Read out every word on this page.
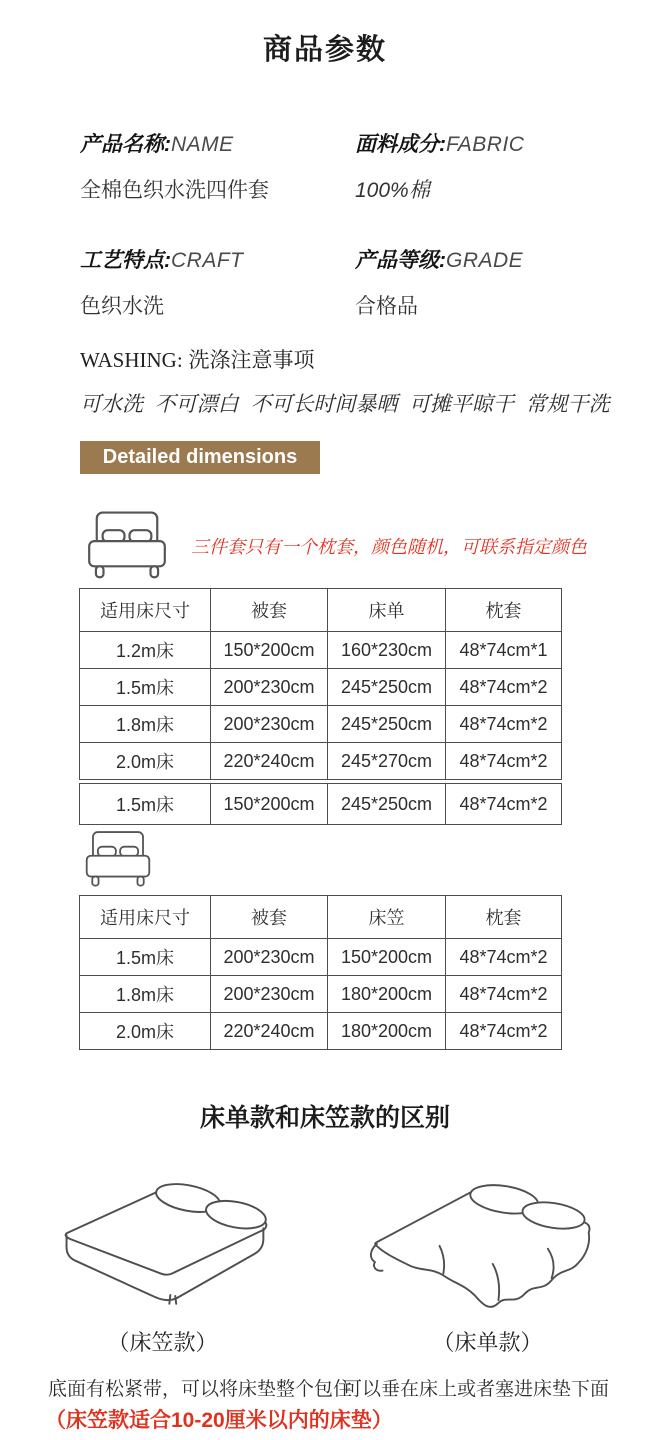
商品参数
产品名称:NAME
全棉色织水洗四件套
面料成分:FABRIC
100%棉
工艺特点:CRAFT
色织水洗
产品等级:GRADE
合格品
WASHING: 洗涤注意事项
可水洗  不可漂白  不可长时间暴晒  可摊平晾干  常规干洗
Detailed dimensions
三件套只有一个枕套，颜色随机，可联系指定颜色
适用床尺寸	被套	床单	枕套
1.2m床	150*200cm	160*230cm	48*74cm*1
1.5m床	200*230cm	245*250cm	48*74cm*2
1.8m床	200*230cm	245*250cm	48*74cm*2
2.0m床	220*240cm	245*270cm	48*74cm*2
1.5m床	150*200cm	245*250cm	48*74cm*2
适用床尺寸	被套	床笠	枕套
1.5m床	200*230cm	150*200cm	48*74cm*2
1.8m床	200*230cm	180*200cm	48*74cm*2
2.0m床	220*240cm	180*200cm	48*74cm*2
床单款和床笠款的区别
（床笠款）
底面有松紧带，可以将床垫整个包住
（床单款）
可以垂在床上或者塞进床垫下面
（床笠款适合10-20厘米以内的床垫）
